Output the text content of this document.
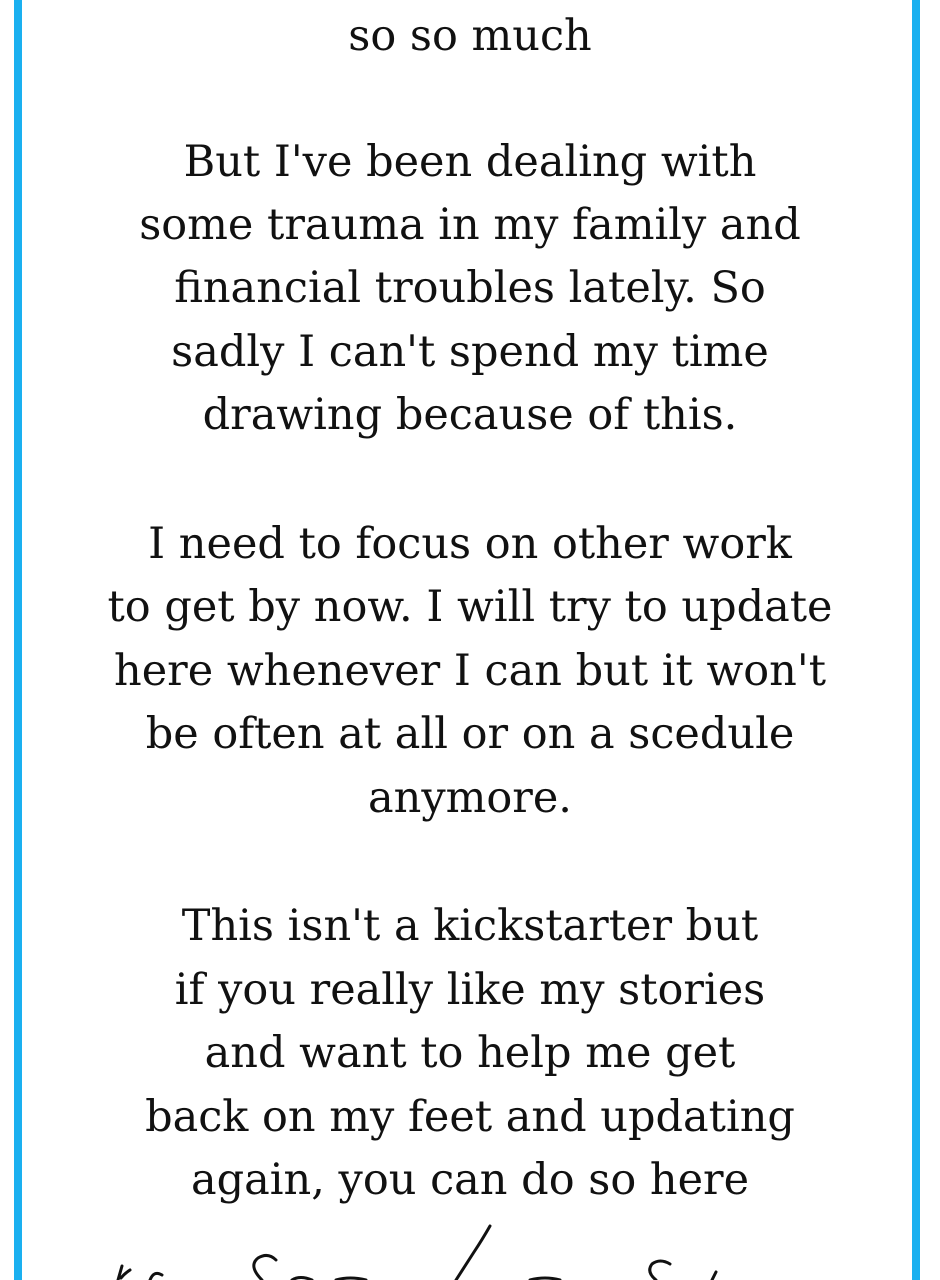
so so much
But I've been dealing with
some trauma in my family and
financial troubles lately. So
sadly I can't spend my time
drawing because of this.
I need to focus on other work
to get by now. I will try to update
here whenever I can but it won't
be often at all or on a scedule
anymore.
This isn't a kickstarter but
if you really like my stories
and want to help me get
back on my feet and updating
again, you can do so here
